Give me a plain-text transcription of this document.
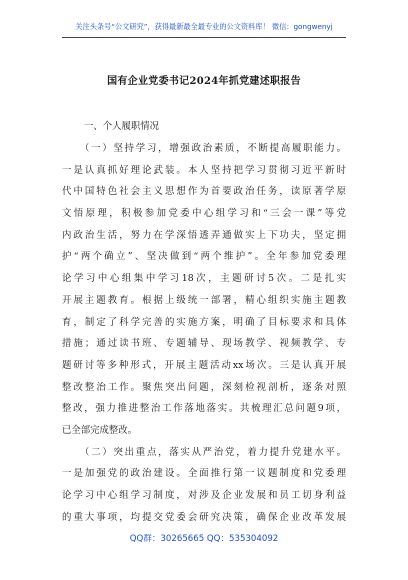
关注头条号“公文研究”，获得最新最全最专业的公文资料库！ 微信：gongwenyj
国有企业党委书记2024年抓党建述职报告
一、个人履职情况
（一）坚持学习，增强政治素质，不断提高履职能力。
一是认真抓好理论武装。本人坚持把学习贯彻习近平新时
代中国特色社会主义思想作为首要政治任务，读原著学原
文悟原理，积极参加党委中心组学习和“三会一课”等党
内政治生活，努力在学深悟透弄通做实上下功夫，坚定拥
护“两个确立”、坚决做到“两个维护”。全年参加党委理
论学习中心组集中学习18次，主题研讨5次。二是扎实
开展主题教育。根据上级统一部署，精心组织实施主题教
育，制定了科学完善的实施方案，明确了目标要求和具体
措施；通过读书班、专题辅导、现场教学、视频教学、专
题研讨等多种形式，开展主题活动xx场次。三是认真开展
整改整治工作。聚焦突出问题，深刻检视剖析，逐条对照
整改，强力推进整治工作落地落实。共梳理汇总问题9项，
已全部完成整改。
（二）突出重点，落实从严治党，着力提升党建水平。
一是加强党的政治建设。全面推行第一议题制度和党委理
论学习中心组学习制度，对涉及企业发展和员工切身利益
的重大事项，均提交党委会研究决策，确保企业改革发展
QQ群：30265665 QQ：535304092
